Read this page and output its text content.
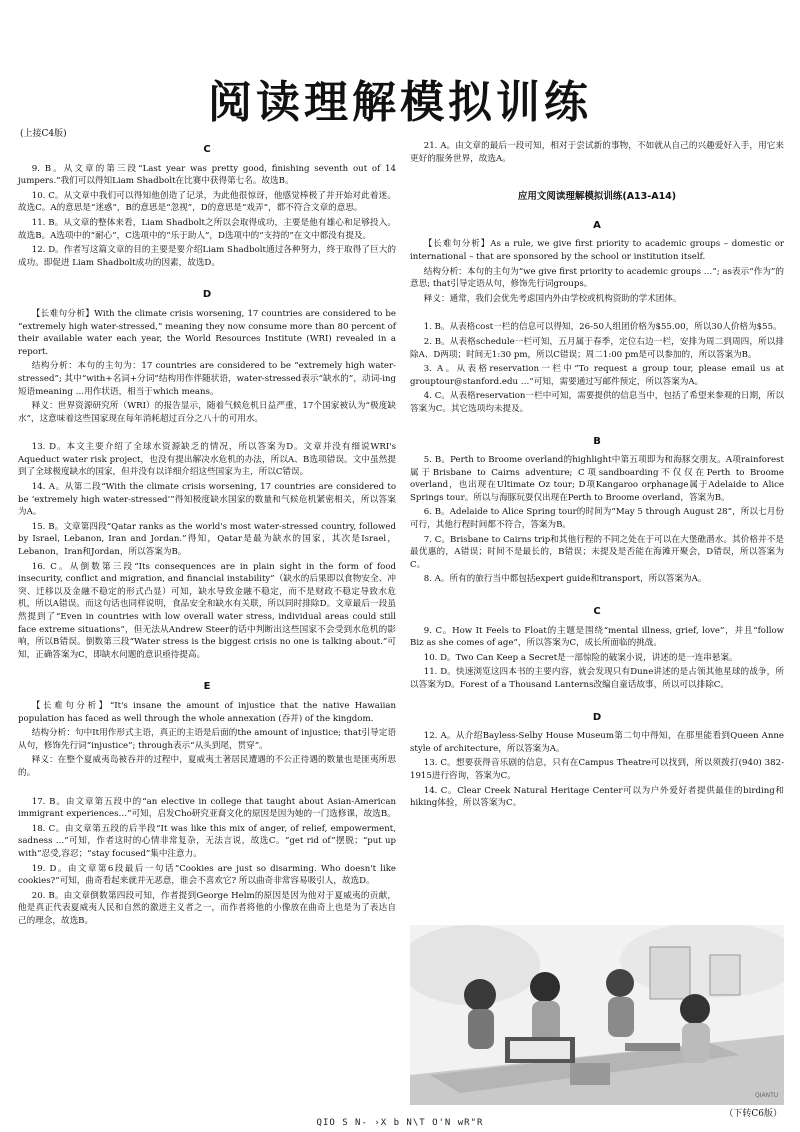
阅读理解模拟训练
(上接C4版)
C

9. B。从文章的第三段“Last year was pretty good, finishing seventh out of 14 jumpers.”我们可以得知Liam Shadbolt在比赛中获得第七名。故选B。

10. C。从文章中我们可以得知他创造了记录，为此他很惊讶，他感觉棒极了并开始对此着迷。故选C。A的意思是“迷惑”，B的意思是“忽视”，D的意思是“戏弄”，都不符合文章的意思。

11. B。从文章的整体来看，Liam Shadbolt之所以会取得成功，主要是他有雄心和足够投入。故选B。A选项中的“耐心”，C选项中的“乐于助人”，D选项中的“支持的”在文中都没有提及。

12. D。作者写这篇文章的目的主要是要介绍Liam Shadbolt通过各种努力，终于取得了巨大的成功。即促进 Liam Shadbolt成功的因素，故选D。

D

【长难句分析】With the climate crisis worsening, 17 countries are considered to be “extremely high water-stressed,” meaning they now consume more than 80 percent of their available water each year, the World Resources Institute (WRI) revealed in a report.

结构分析：本句的主句为：17 countries are considered to be “extremely high water-stressed”; 其中“with+名词+分词”结构用作伴随状语，water-stressed表示“缺水的”，动词-ing短语meaning …用作状语，相当于which means。

释义：世界资源研究所（WRI）的报告显示，随着气候危机日益严重，17个国家被认为“极度缺水”，这意味着这些国家现在每年消耗超过百分之八十的可用水。

13. D。本文主要介绍了全球水资源缺乏的情况，所以答案为D。文章并没有细说WRI's Aqueduct water risk project，也没有提出解决水危机的办法，所以A、B选项错误。文中虽然提到了全球极度缺水的国家，但并没有以详细介绍这些国家为主，所以C错误。

14. A。从第二段“With the climate crisis worsening, 17 countries are considered to be ‘extremely high water-stressed’”得知极度缺水国家的数量和气候危机紧密相关，所以答案为A。

15. B。文章第四段“Qatar ranks as the world's most water-stressed country, followed by Israel, Lebanon, Iran and Jordan.”得知，Qatar是最为缺水的国家，其次是Israel，Lebanon，Iran和Jordan，所以答案为B。

16. C。从倒数第三段“Its consequences are in plain sight in the form of food insecurity, conflict and migration, and financial instability”（缺水的后果即以食物安全、冲突、迁移以及金融不稳定的形式凸显）可知，缺水导致金融不稳定，而不是财政不稳定导致水危机，所以A错误。而这句话也同样说明，食品安全和缺水有关联，所以同时排除D。文章最后一段虽然提到了“Even in countries with low overall water stress, individual areas could still face extreme situations”，但无法从Andrew Steer的话中判断出这些国家不会受到水危机的影响，所以B错误。倒数第三段“Water stress is the biggest crisis no one is talking about.”可知，正确答案为C，即缺水问题的意识亟待提高。

E

【长难句分析】“It's insane the amount of injustice that the native Hawaiian population has faced as well through the whole annexation (吞并) of the kingdom.

结构分析：句中It用作形式主语，真正的主语是后面的the amount of injustice; that引导定语从句，修饰先行词“injustice”; through表示“从头到尾，贯穿”。

释义：在整个夏威夷岛被吞并的过程中，夏威夷土著居民遭遇的不公正待遇的数量也是匪夷所思的。

17. B。由文章第五段中的“an elective in college that taught about Asian-American immigrant experiences…”可知，启发Cho研究亚裔文化的原因是因为她的一门选修课，故选B。

18. C。由文章第五段的后半段“It was like this mix of anger, of relief, empowerment, sadness …”可知，作者这时的心情非常复杂，无法言说，故选C。“get rid of”摆脱；“put up with”忍受,容忍；“stay focused”集中注意力。

19. D。由文章第6段最后一句话“Cookies are just so disarming. Who doesn't like cookies?”可知，曲奇看起来就并无恶意，谁会不喜欢它? 所以曲奇非常容易吸引人，故选D。

20. B。由文章倒数第四段可知，作者提到George Helm的原因是因为他对于夏威夷的贡献，他是真正代表夏威夷人民和自然的激进主义者之一，而作者将他的小像放在曲奇上也是为了表达自己的理念，故选B。

21. A。由文章的最后一段可知，相对于尝试新的事物，不如就从自己的兴趣爱好入手，用它来更好的服务世界，故选A。

应用文阅读理解模拟训练(A13-A14)
A

【长难句分析】As a rule, we give first priority to academic groups – domestic or international – that are sponsored by the school or institution itself.

结构分析：本句的主句为“we give first priority to academic groups …”; as表示“作为”的意思; that引导定语从句，修饰先行词groups。

释义：通常，我们会优先考虑国内外由学校或机构资助的学术团体。

1. B。从表格cost一栏的信息可以得知，26-50人组团价格为$55.00，所以30人价格为$55。

2. B。从表格schedule一栏可知，五月属于春季，定位右边一栏，安排为周二到周四，所以排除A、D两项；时间无1:30 pm，所以C错误；周二1:00 pm是可以参加的，所以答案为B。

3. A。从表格reservation一栏中“To request a group tour, please email us at grouptour@stanford.edu …”可知，需要通过写邮件预定，所以答案为A。

4. C。从表格reservation一栏中可知，需要提供的信息当中，包括了希望来参观的日期，所以答案为C。其它选项均未提及。

B

5. B。Perth to Broome overland的highlight中第五项即为和海豚交朋友。A项rainforest属于Brisbane to Cairns adventure; C项sandboarding不仅仅在Perth to Broome overland，也出现在Ultimate Oz tour; D项Kangaroo orphanage属于Adelaide to Alice Springs tour。所以与海豚玩耍仅出现在Perth to Broome overland，答案为B。

6. B。Adelaide to Alice Spring tour的时间为“May 5 through August 28”，所以七月份可行，其他行程时间都不符合，答案为B。

7. C。Brisbane to Cairns trip和其他行程的不同之处在于可以在大堡礁潜水。其价格并不是最优惠的，A错误；时间不是最长的，B错误；未提及是否能在海滩开聚会，D错误，所以答案为C。

8. A。所有的旅行当中都包括expert guide和transport，所以答案为A。

C

9. C。How It Feels to Float的主题是围绕“mental illness, grief, love”，并且“follow Biz as she comes of age”，所以答案为C，成长所面临的挑战。

10. D。Two Can Keep a Secret是一部惊险的破案小说，讲述的是一连串悬案。

11. D。快速浏览这四本书的主要内容，就会发现只有Dune讲述的是占领其他星球的战争，所以答案为D。Forest of a Thousand Lanterns改编自童话故事，所以可以排除C。

D

12. A。从介绍Bayless-Selby House Museum第二句中得知，在那里能看到Queen Anne style of architecture，所以答案为A。

13. C。想要获得音乐剧的信息，只有在Campus Theatre可以找到，所以须拨打(940) 382-1915进行咨询，答案为C。

14. C。Clear Creek Natural Heritage Center可以为户外爱好者提供最佳的birding和hiking体验，所以答案为C。

QIANTU
（下转C6版）
QIO S N- ›X b N\T O'N wR"R
